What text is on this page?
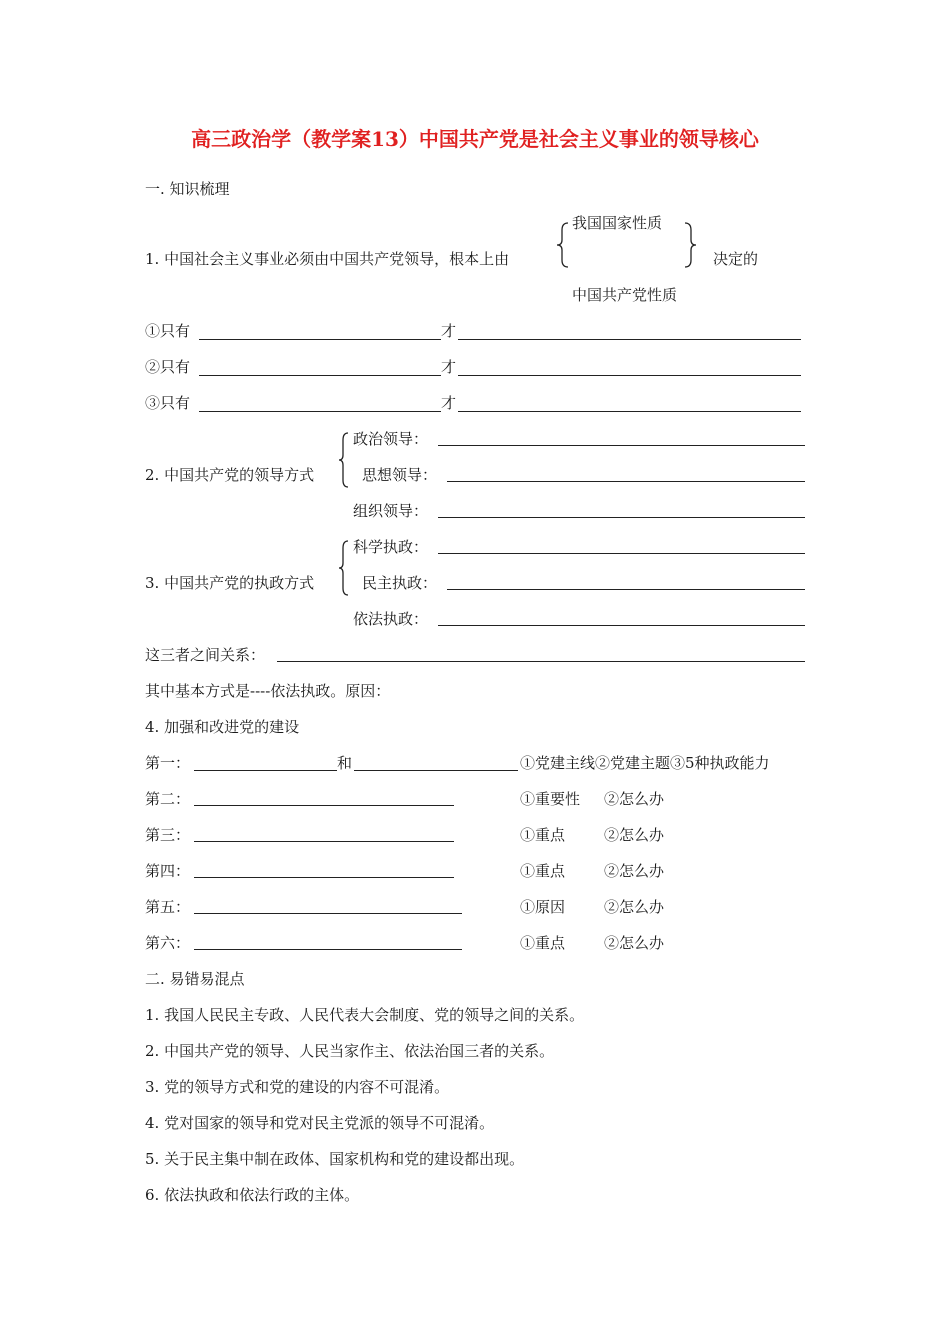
高三政治学（教学案13）中国共产党是社会主义事业的领导核心
一. 知识梳理
我国国家性质
1. 中国社会主义事业必须由中国共产党领导，根本上由	决定的
中国共产党性质
①只有	才
②只有	才
③只有	才
政治领导：
2. 中国共产党的领导方式	思想领导：
组织领导：
科学执政：
3. 中国共产党的执政方式	民主执政：
依法执政：
这三者之间关系：
其中基本方式是----依法执政。原因：
4. 加强和改进党的建设
第一：	和	①党建主线②党建主题③5种执政能力
第二：	①重要性 ②怎么办
第三：	①重点	②怎么办
第四：	①重点	②怎么办
第五：	①原因	②怎么办
第六：	①重点	②怎么办
二. 易错易混点
1. 我国人民民主专政、人民代表大会制度、党的领导之间的关系。
2. 中国共产党的领导、人民当家作主、依法治国三者的关系。
3. 党的领导方式和党的建设的内容不可混淆。
4. 党对国家的领导和党对民主党派的领导不可混淆。
5. 关于民主集中制在政体、国家机构和党的建设都出现。
6. 依法执政和依法行政的主体。
